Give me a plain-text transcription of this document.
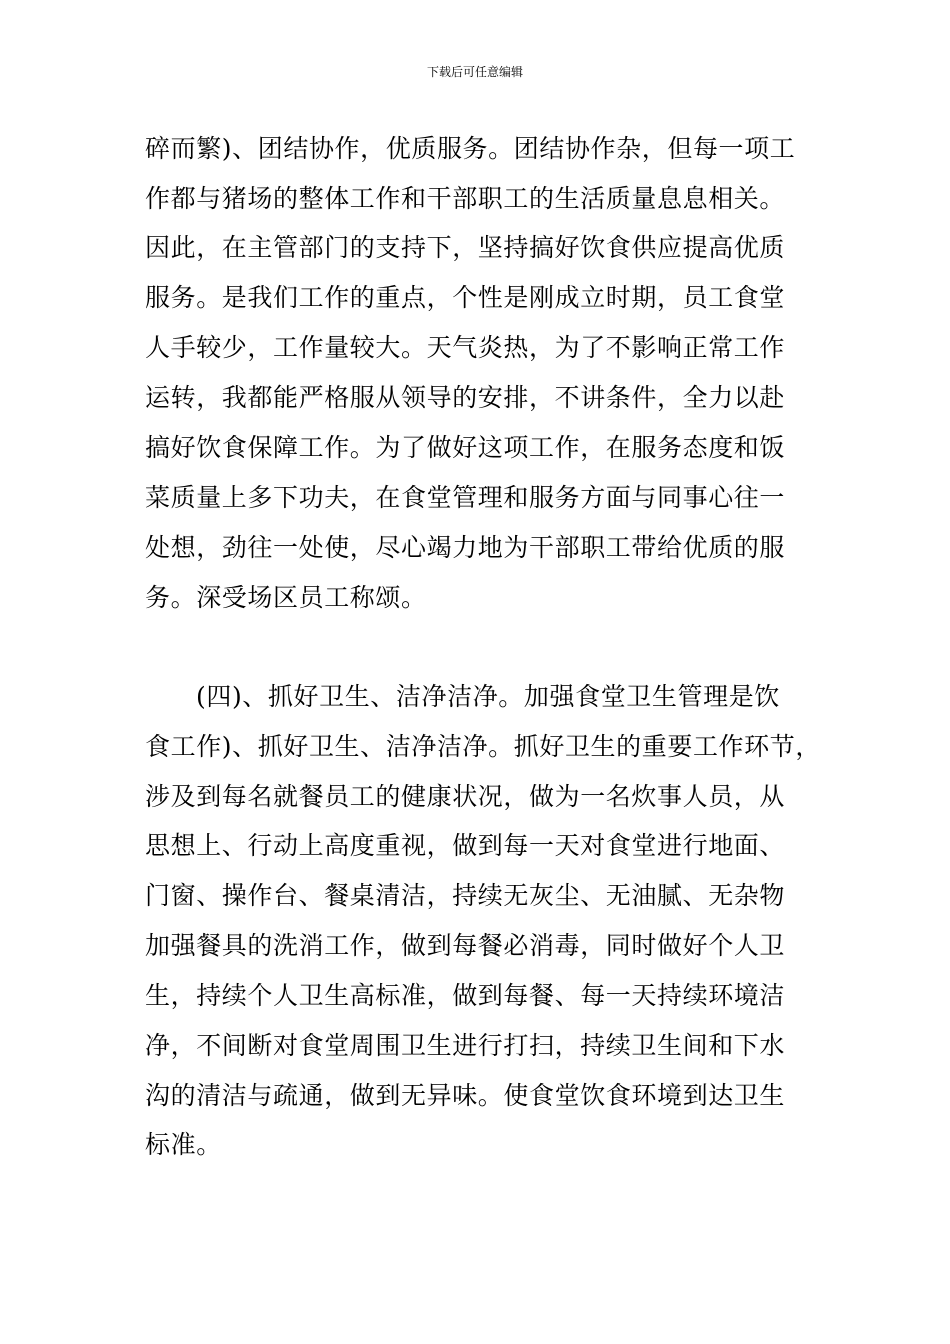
下载后可任意编辑
碎而繁)、团结协作，优质服务。团结协作杂，但每一项工
作都与猪场的整体工作和干部职工的生活质量息息相关。
因此，在主管部门的支持下，坚持搞好饮食供应提高优质
服务。是我们工作的重点，个性是刚成立时期，员工食堂
人手较少，工作量较大。天气炎热，为了不影响正常工作
运转，我都能严格服从领导的安排，不讲条件，全力以赴
搞好饮食保障工作。为了做好这项工作，在服务态度和饭
菜质量上多下功夫，在食堂管理和服务方面与同事心往一
处想，劲往一处使，尽心竭力地为干部职工带给优质的服
务。深受场区员工称颂。
(四)、抓好卫生、洁净洁净。加强食堂卫生管理是饮
食工作)、抓好卫生、洁净洁净。抓好卫生的重要工作环节，
涉及到每名就餐员工的健康状况，做为一名炊事人员，从
思想上、行动上高度重视，做到每一天对食堂进行地面、
门窗、操作台、餐桌清洁，持续无灰尘、无油腻、无杂物
加强餐具的洗消工作，做到每餐必消毒，同时做好个人卫
生，持续个人卫生高标准，做到每餐、每一天持续环境洁
净，不间断对食堂周围卫生进行打扫，持续卫生间和下水
沟的清洁与疏通，做到无异味。使食堂饮食环境到达卫生
标准。
